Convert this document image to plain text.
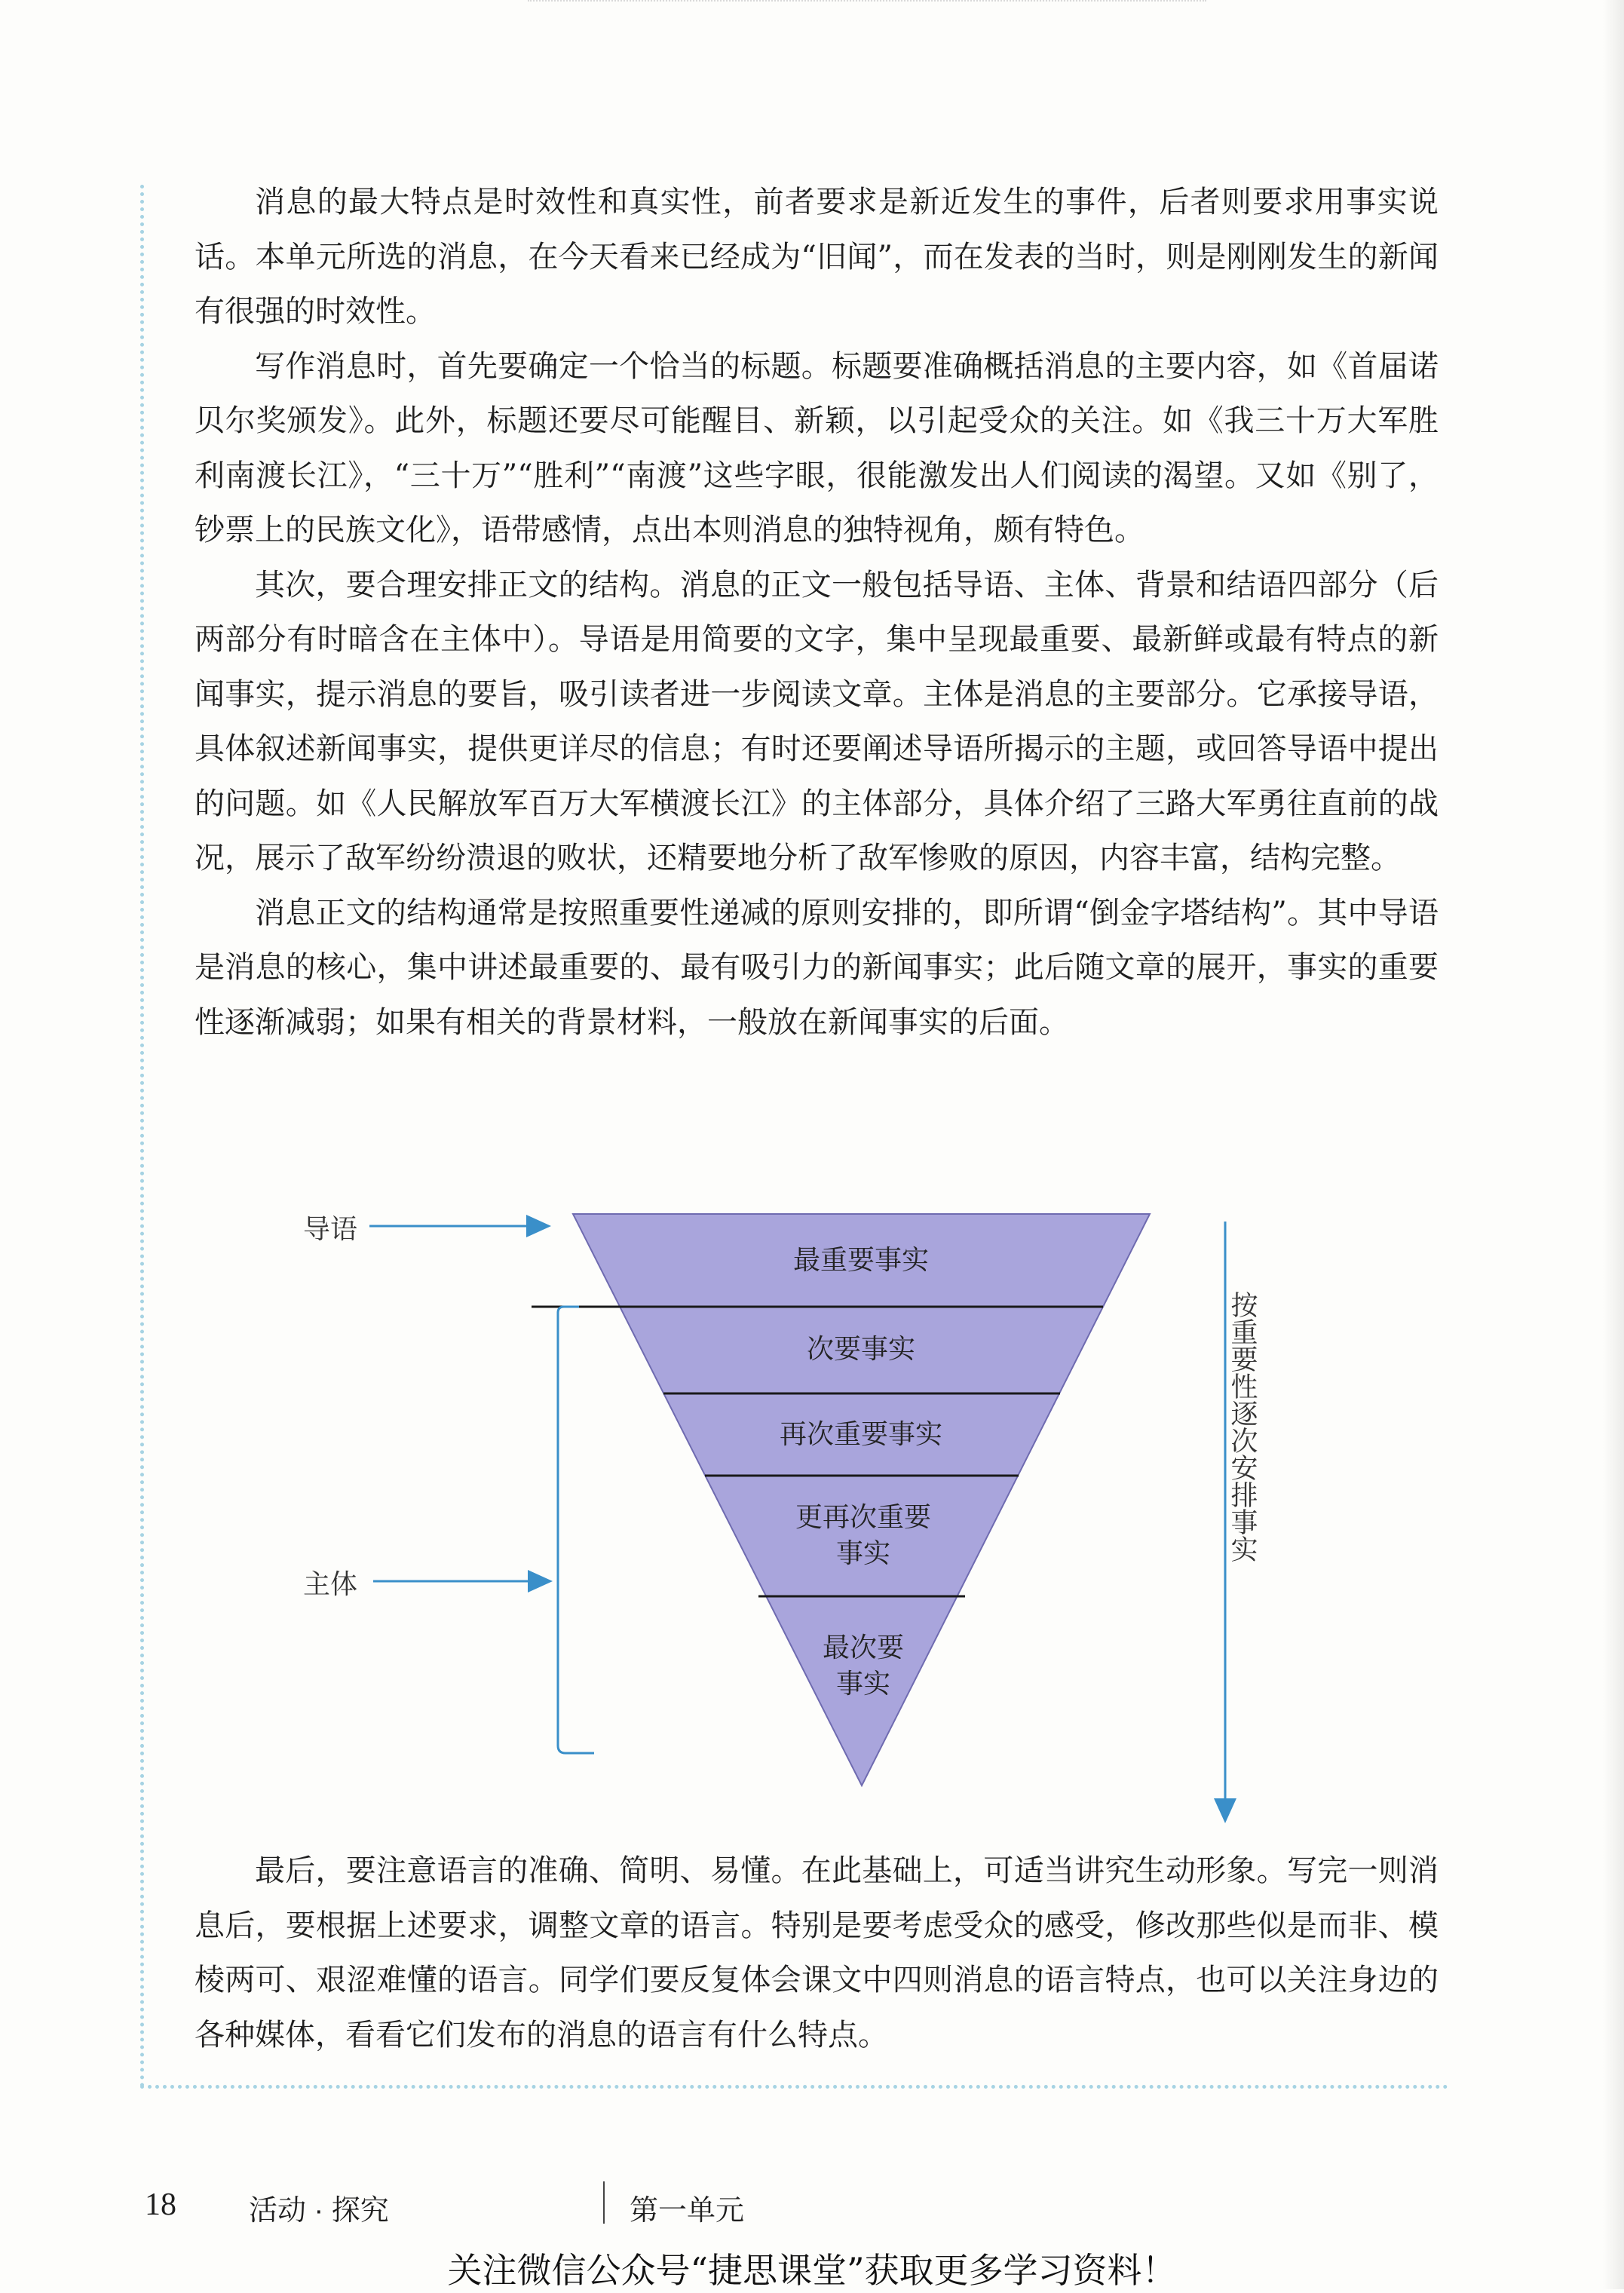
消息的最大特点是时效性和真实性，前者要求是新近发生的事件，后者则要求用事实说话。本单元所选的消息，在今天看来已经成为“旧闻”，而在发表的当时，则是刚刚发生的新闻有很强的时效性。

写作消息时，首先要确定一个恰当的标题。标题要准确概括消息的主要内容，如《首届诺贝尔奖颁发》。此外，标题还要尽可能醒目、新颖，以引起受众的关注。如《我三十万大军胜利南渡长江》，“三十万”“胜利”“南渡”这些字眼，很能激发出人们阅读的渴望。又如《别了，钞票上的民族文化》，语带感情，点出本则消息的独特视角，颇有特色。

其次，要合理安排正文的结构。消息的正文一般包括导语、主体、背景和结语四部分（后两部分有时暗含在主体中）。导语是用简要的文字，集中呈现最重要、最新鲜或最有特点的新闻事实，提示消息的要旨，吸引读者进一步阅读文章。主体是消息的主要部分。它承接导语，具体叙述新闻事实，提供更详尽的信息；有时还要阐述导语所揭示的主题，或回答导语中提出的问题。如《人民解放军百万大军横渡长江》的主体部分，具体介绍了三路大军勇往直前的战况，展示了敌军纷纷溃退的败状，还精要地分析了敌军惨败的原因，内容丰富，结构完整。

消息正文的结构通常是按照重要性递减的原则安排的，即所谓“倒金字塔结构”。其中导语是消息的核心，集中讲述最重要的、最有吸引力的新闻事实；此后随文章的展开，事实的重要性逐渐减弱；如果有相关的背景材料，一般放在新闻事实的后面。

导语
主体
最重要事实
次要事实
再次重要事实
更再次重要
事实
最次要
事实
按重要性逐次安排事实

最后，要注意语言的准确、简明、易懂。在此基础上，可适当讲究生动形象。写完一则消息后，要根据上述要求，调整文章的语言。特别是要考虑受众的感受，修改那些似是而非、模棱两可、艰涩难懂的语言。同学们要反复体会课文中四则消息的语言特点，也可以关注身边的各种媒体，看看它们发布的消息的语言有什么特点。

18	活动 · 探究	第一单元
关注微信公众号“捷思课堂”获取更多学习资料！
